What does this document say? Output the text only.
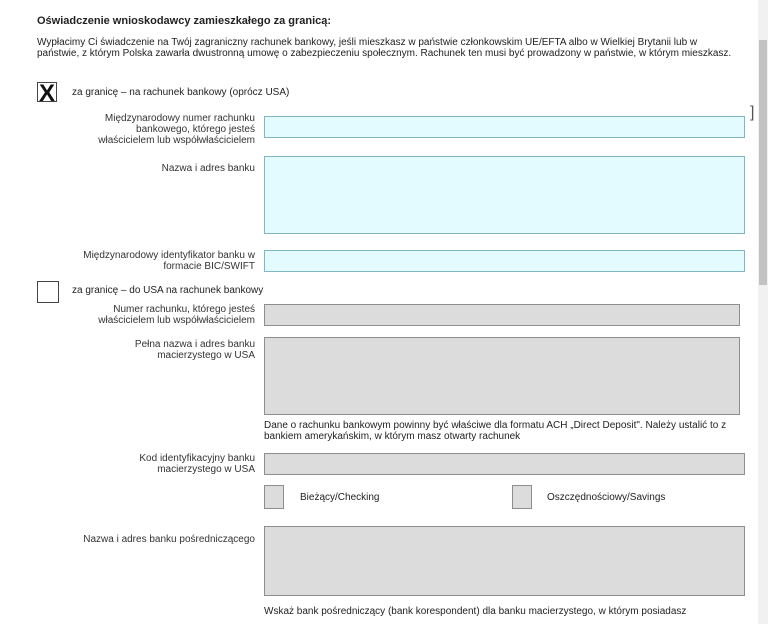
Oświadczenie wnioskodawcy zamieszkałego za granicą:
Wypłacimy Ci świadczenie na Twój zagraniczny rachunek bankowy, jeśli mieszkasz w państwie członkowskim UE/EFTA albo w Wielkiej Brytanii lub w państwie, z którym Polska zawarła dwustronną umowę o zabezpieczeniu społecznym. Rachunek ten musi być prowadzony w państwie, w którym mieszkasz.
X
za granicę – na rachunek bankowy (oprócz USA)
Międzynarodowy numer rachunku bankowego, którego jesteś właścicielem lub współwłaścicielem
]
Nazwa i adres banku
Międzynarodowy identyfikator banku w formacie BIC/SWIFT
za granicę – do USA na rachunek bankowy
Numer rachunku, którego jesteś właścicielem lub współwłaścicielem
Pełna nazwa i adres banku macierzystego w USA
Dane o rachunku bankowym powinny być właściwe dla formatu ACH „Direct Deposit". Należy ustalić to z bankiem amerykańskim, w którym masz otwarty rachunek
Kod identyfikacyjny banku macierzystego w USA
Bieżący/Checking	Oszczędnościowy/Savings
Nazwa i adres banku pośredniczącego
Wskaż bank pośredniczący (bank korespondent) dla banku macierzystego, w którym posiadasz
